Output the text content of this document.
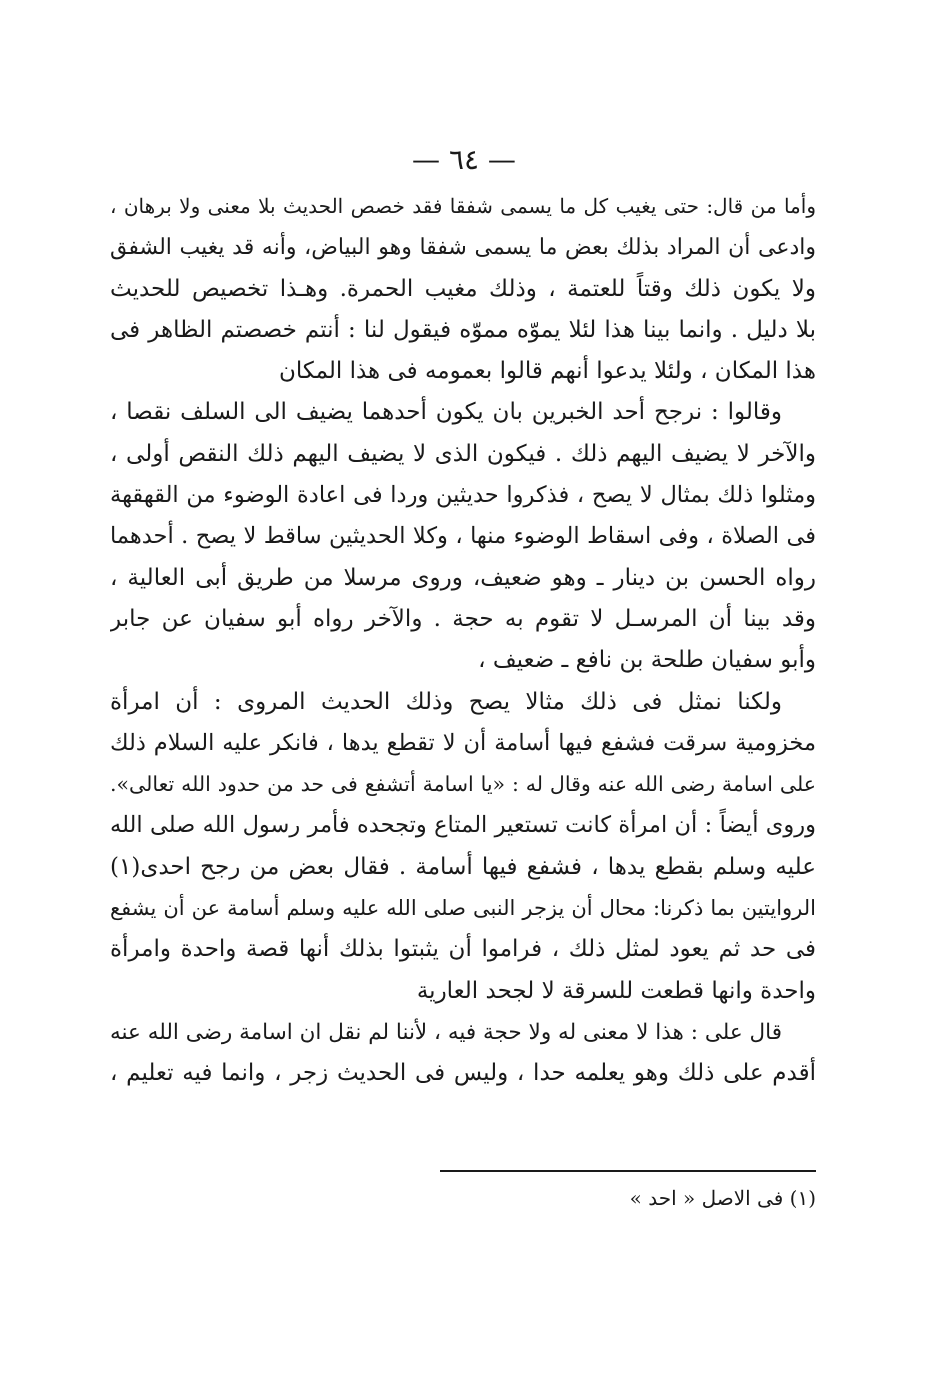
— ٦٤ —
وأما من قال: حتى يغيب كل ما يسمى شفقا فقد خصص الحديث بلا معنى ولا برهان ،
وادعى أن المراد بذلك بعض ما يسمى شفقا وهو البياض، وأنه قد يغيب الشفق
ولا يكون ذلك وقتاً للعتمة ، وذلك مغيب الحمرة. وهـذا تخصيص للحديث
بلا دليل . وانما بينا هذا لئلا يموّه مموّه فيقول لنا : أنتم خصصتم الظاهر فى
هذا المكان ، ولئلا يدعوا أنهم قالوا بعمومه فى هذا المكان
وقالوا : نرجح أحد الخبرين بان يكون أحدهما يضيف الى السلف نقصا ،
والآخر لا يضيف اليهم ذلك . فيكون الذى لا يضيف اليهم ذلك النقص أولى ،
ومثلوا ذلك بمثال لا يصح ، فذكروا حديثين وردا فى اعادة الوضوء من القهقهة
فى الصلاة ، وفى اسقاط الوضوء منها ، وكلا الحديثين ساقط لا يصح . أحدهما
رواه الحسن بن دينار ـ وهو ضعيف، وروى مرسلا من طريق أبى العالية ،
وقد بينا أن المرسـل لا تقوم به حجة . والآخر رواه أبو سفيان عن جابر
وأبو سفيان طلحة بن نافع ـ ضعيف ،
ولكنا نمثل فى ذلك مثالا يصح وذلك الحديث المروى : أن امرأة
مخزومية سرقت فشفع فيها أسامة أن لا تقطع يدها ، فانكر عليه السلام ذلك
على اسامة رضى الله عنه وقال له : «يا اسامة أتشفع فى حد من حدود الله تعالى».
وروى أيضاً : أن امرأة كانت تستعير المتاع وتجحده فأمر رسول الله صلى الله
عليه وسلم بقطع يدها ، فشفع فيها أسامة . فقال بعض من رجح احدى(١)
الروايتين بما ذكرنا: محال أن يزجر النبى صلى الله عليه وسلم أسامة عن أن يشفع
فى حد ثم يعود لمثل ذلك ، فراموا أن يثبتوا بذلك أنها قصة واحدة وامرأة
واحدة وانها قطعت للسرقة لا لجحد العارية
قال على : هذا لا معنى له ولا حجة فيه ، لأننا لم نقل ان اسامة رضى الله عنه
أقدم على ذلك وهو يعلمه حدا ، وليس فى الحديث زجر ، وانما فيه تعليم ،
(١) فى الاصل « احد »
